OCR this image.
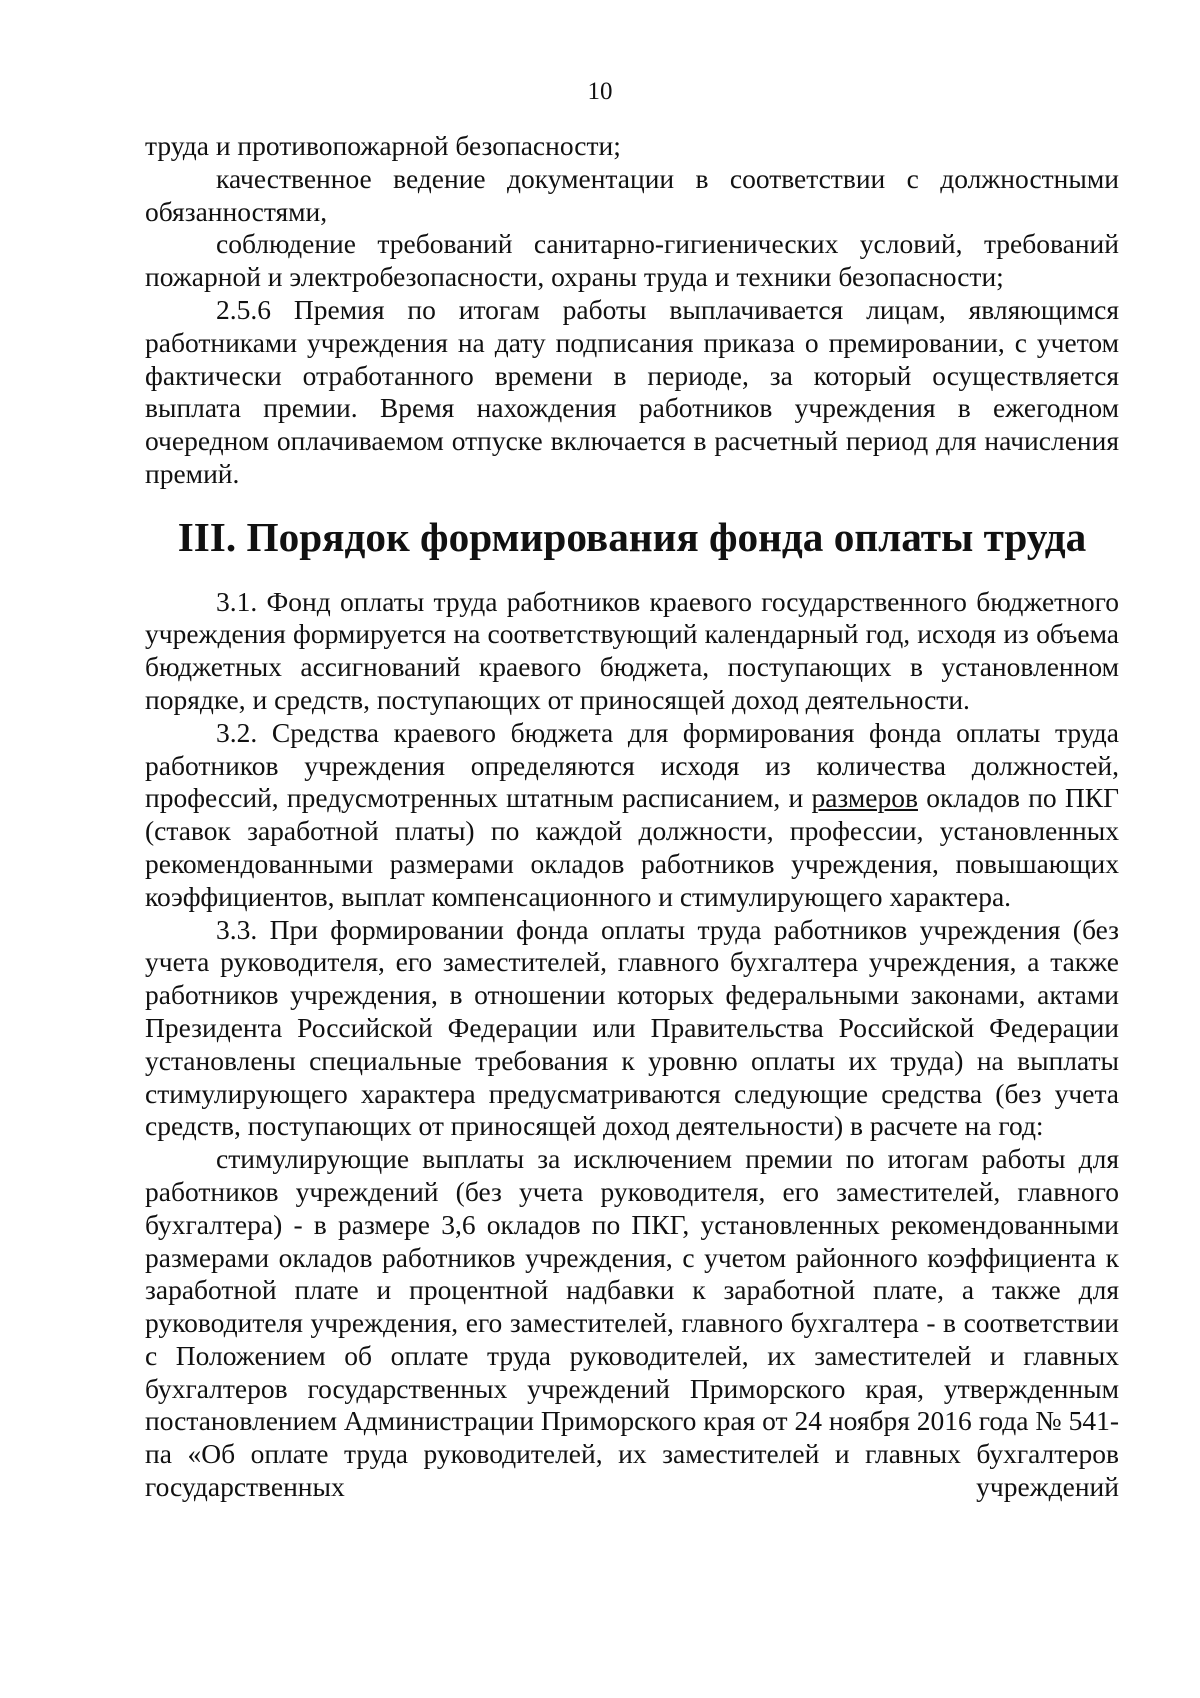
10

труда и противопожарной безопасности;

качественное ведение документации в соответствии с должностными обязанностями,

соблюдение требований санитарно-гигиенических условий, требований пожарной и электробезопасности, охраны труда и техники безопасности;

2.5.6 Премия по итогам работы выплачивается лицам, являющимся работниками учреждения на дату подписания приказа о премировании, с учетом фактически отработанного времени в периоде, за который осуществляется выплата премии. Время нахождения работников учреждения в ежегодном очередном оплачиваемом отпуске включается в расчетный период для начисления премий.

III. Порядок формирования фонда оплаты труда

3.1. Фонд оплаты труда работников краевого государственного бюджетного учреждения формируется на соответствующий календарный год, исходя из объема бюджетных ассигнований краевого бюджета, поступающих в установленном порядке, и средств, поступающих от приносящей доход деятельности.

3.2. Средства краевого бюджета для формирования фонда оплаты труда работников учреждения определяются исходя из количества должностей, профессий, предусмотренных штатным расписанием, и размеров окладов по ПКГ (ставок заработной платы) по каждой должности, профессии, установленных рекомендованными размерами окладов работников учреждения, повышающих коэффициентов, выплат компенсационного и стимулирующего характера.

3.3. При формировании фонда оплаты труда работников учреждения (без учета руководителя, его заместителей, главного бухгалтера учреждения, а также работников учреждения, в отношении которых федеральными законами, актами Президента Российской Федерации или Правительства Российской Федерации установлены специальные требования к уровню оплаты их труда) на выплаты стимулирующего характера предусматриваются следующие средства (без учета средств, поступающих от приносящей доход деятельности) в расчете на год:

стимулирующие выплаты за исключением премии по итогам работы для работников учреждений (без учета руководителя, его заместителей, главного бухгалтера) - в размере 3,6 окладов по ПКГ, установленных рекомендованными размерами окладов работников учреждения, с учетом районного коэффициента к заработной плате и процентной надбавки к заработной плате, а также для руководителя учреждения, его заместителей, главного бухгалтера - в соответствии с Положением об оплате труда руководителей, их заместителей и главных бухгалтеров государственных учреждений Приморского края, утвержденным постановлением Администрации Приморского края от 24 ноября 2016 года № 541-па «Об оплате труда руководителей, их заместителей и главных бухгалтеров государственных учреждений
